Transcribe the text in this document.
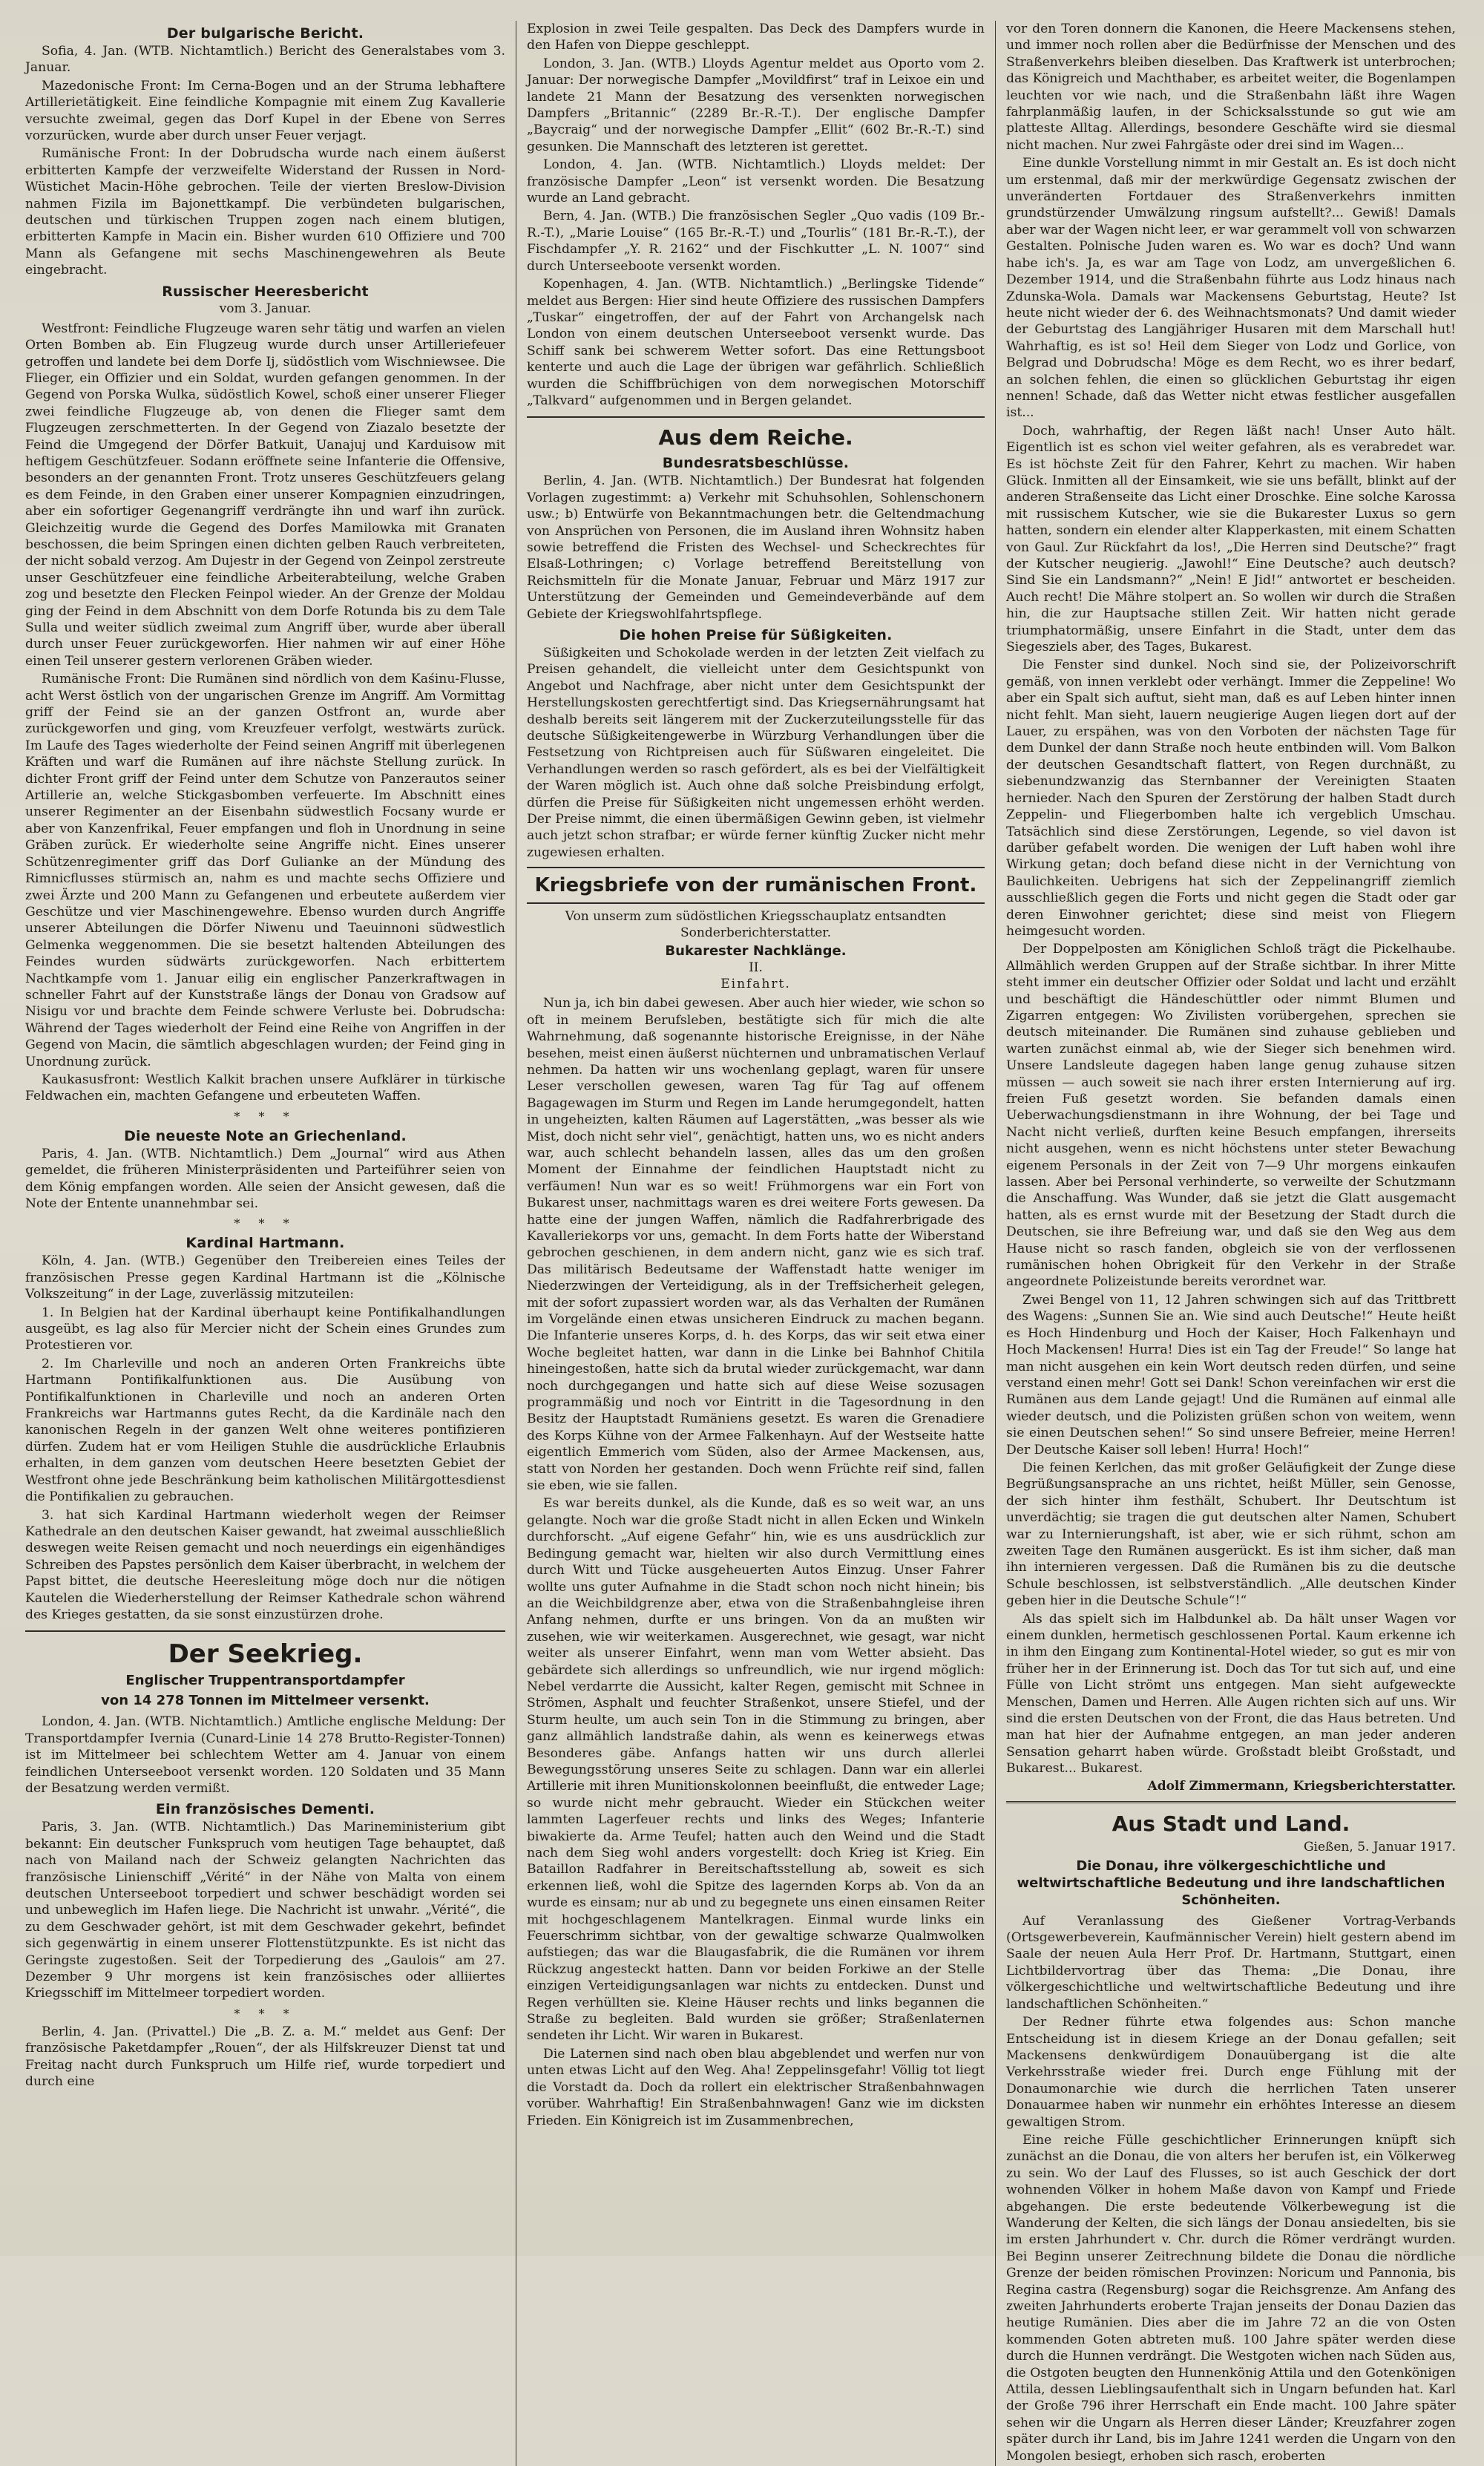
Der bulgarische Bericht.

Sofia, 4. Jan. (WTB. Nichtamtlich.) Bericht des Generalstabes vom 3. Januar.

Mazedonische Front: Im Cerna-Bogen und an der Struma lebhaftere Artillerietätigkeit. Eine feindliche Kompagnie mit einem Zug Kavallerie versuchte zweimal, gegen das Dorf Kupel in der Ebene von Serres vorzurücken, wurde aber durch unser Feuer verjagt.

Rumänische Front: In der Dobrudscha wurde nach einem äußerst erbitterten Kampfe der verzweifelte Widerstand der Russen in Nord-Wüstichet Macin-Höhe gebrochen. Teile der vierten Breslow-Division nahmen Fizila im Bajonettkampf. Die verbündeten bulgarischen, deutschen und türkischen Truppen zogen nach einem blutigen, erbitterten Kampfe in Macin ein. Bisher wurden 610 Offiziere und 700 Mann als Gefangene mit sechs Maschinengewehren als Beute eingebracht.

Russischer Heeresbericht
vom 3. Januar.

Westfront: Feindliche Flugzeuge waren sehr tätig und warfen an vielen Orten Bomben ab. Ein Flugzeug wurde durch unser Artilleriefeuer getroffen und landete bei dem Dorfe Ij, südöstlich vom Wischniewsee. Die Flieger, ein Offizier und ein Soldat, wurden gefangen genommen. In der Gegend von Porska Wulka, südöstlich Kowel, schoß einer unserer Flieger zwei feindliche Flugzeuge ab, von denen die Flieger samt dem Flugzeugen zerschmetterten. In der Gegend von Ziazalo besetzte der Feind die Umgegend der Dörfer Batkuit, Uanajuj und Karduisow mit heftigem Geschützfeuer. Sodann eröffnete seine Infanterie die Offensive, besonders an der genannten Front. Trotz unseres Geschützfeuers gelang es dem Feinde, in den Graben einer unserer Kompagnien einzudringen, aber ein sofortiger Gegenangriff verdrängte ihn und warf ihn zurück. Gleichzeitig wurde die Gegend des Dorfes Mamilowka mit Granaten beschossen, die beim Springen einen dichten gelben Rauch verbreiteten, der nicht sobald verzog. Am Dujestr in der Gegend von Zeinpol zerstreute unser Geschützfeuer eine feindliche Arbeiterabteilung, welche Graben zog und besetzte den Flecken Feinpol wieder. An der Grenze der Moldau ging der Feind in dem Abschnitt von dem Dorfe Rotunda bis zu dem Tale Sulla und weiter südlich zweimal zum Angriff über, wurde aber überall durch unser Feuer zurückgeworfen. Hier nahmen wir auf einer Höhe einen Teil unserer gestern verlorenen Gräben wieder.

Rumänische Front: Die Rumänen sind nördlich von dem Kaśinu-Flusse, acht Werst östlich von der ungarischen Grenze im Angriff. Am Vormittag griff der Feind sie an der ganzen Ostfront an, wurde aber zurückgeworfen und ging, vom Kreuzfeuer verfolgt, westwärts zurück. Im Laufe des Tages wiederholte der Feind seinen Angriff mit überlegenen Kräften und warf die Rumänen auf ihre nächste Stellung zurück. In dichter Front griff der Feind unter dem Schutze von Panzerautos seiner Artillerie an, welche Stickgasbomben verfeuerte. Im Abschnitt eines unserer Regimenter an der Eisenbahn südwestlich Focsany wurde er aber von Kanzenfrikal, Feuer empfangen und floh in Unordnung in seine Gräben zurück. Er wiederholte seine Angriffe nicht. Eines unserer Schützenregimenter griff das Dorf Gulianke an der Mündung des Rimnicflusses stürmisch an, nahm es und machte sechs Offiziere und zwei Ärzte und 200 Mann zu Gefangenen und erbeutete außerdem vier Geschütze und vier Maschinengewehre. Ebenso wurden durch Angriffe unserer Abteilungen die Dörfer Niwenu und Taeuinnoni südwestlich Gelmenka weggenommen. Die sie besetzt haltenden Abteilungen des Feindes wurden südwärts zurückgeworfen. Nach erbittertem Nachtkampfe vom 1. Januar eilig ein englischer Panzerkraftwagen in schneller Fahrt auf der Kunststraße längs der Donau von Gradsow auf Nisigu vor und brachte dem Feinde schwere Verluste bei. Dobrudscha: Während der Tages wiederholt der Feind eine Reihe von Angriffen in der Gegend von Macin, die sämtlich abgeschlagen wurden; der Feind ging in Unordnung zurück.

Kaukasusfront: Westlich Kalkit brachen unsere Aufklärer in türkische Feldwachen ein, machten Gefangene und erbeuteten Waffen.

* * *
Die neueste Note an Griechenland.

Paris, 4. Jan. (WTB. Nichtamtlich.) Dem „Journal“ wird aus Athen gemeldet, die früheren Ministerpräsidenten und Parteiführer seien von dem König empfangen worden. Alle seien der Ansicht gewesen, daß die Note der Entente unannehmbar sei.

* * *
Kardinal Hartmann.

Köln, 4. Jan. (WTB.) Gegenüber den Treibereien eines Teiles der französischen Presse gegen Kardinal Hartmann ist die „Kölnische Volkszeitung“ in der Lage, zuverlässig mitzuteilen:

1. In Belgien hat der Kardinal überhaupt keine Pontifikalhandlungen ausgeübt, es lag also für Mercier nicht der Schein eines Grundes zum Protestieren vor.

2. Im Charleville und noch an anderen Orten Frankreichs übte Hartmann Pontifikalfunktionen aus. Die Ausübung von Pontifikalfunktionen in Charleville und noch an anderen Orten Frankreichs war Hartmanns gutes Recht, da die Kardinäle nach den kanonischen Regeln in der ganzen Welt ohne weiteres pontifizieren dürfen. Zudem hat er vom Heiligen Stuhle die ausdrückliche Erlaubnis erhalten, in dem ganzen vom deutschen Heere besetzten Gebiet der Westfront ohne jede Beschränkung beim katholischen Militärgottesdienst die Pontifikalien zu gebrauchen.

3. hat sich Kardinal Hartmann wiederholt wegen der Reimser Kathedrale an den deutschen Kaiser gewandt, hat zweimal ausschließlich deswegen weite Reisen gemacht und noch neuerdings ein eigenhändiges Schreiben des Papstes persönlich dem Kaiser überbracht, in welchem der Papst bittet, die deutsche Heeresleitung möge doch nur die nötigen Kautelen die Wiederherstellung der Reimser Kathedrale schon während des Krieges gestatten, da sie sonst einzustürzen drohe.

Der Seekrieg.
Englischer Truppentransportdampfer
von 14 278 Tonnen im Mittelmeer versenkt.

London, 4. Jan. (WTB. Nichtamtlich.) Amtliche englische Meldung: Der Transportdampfer Ivernia (Cunard-Linie 14 278 Brutto-Register-Tonnen) ist im Mittelmeer bei schlechtem Wetter am 4. Januar von einem feindlichen Unterseeboot versenkt worden. 120 Soldaten und 35 Mann der Besatzung werden vermißt.

Ein französisches Dementi.

Paris, 3. Jan. (WTB. Nichtamtlich.) Das Marineministerium gibt bekannt: Ein deutscher Funkspruch vom heutigen Tage behauptet, daß nach von Mailand nach der Schweiz gelangten Nachrichten das französische Linienschiff „Vérité“ in der Nähe von Malta von einem deutschen Unterseeboot torpediert und schwer beschädigt worden sei und unbeweglich im Hafen liege. Die Nachricht ist unwahr. „Vérité“, die zu dem Geschwader gehört, ist mit dem Geschwader gekehrt, befindet sich gegenwärtig in einem unserer Flottenstützpunkte. Es ist nicht das Geringste zugestoßen. Seit der Torpedierung des „Gaulois“ am 27. Dezember 9 Uhr morgens ist kein französisches oder alliiertes Kriegsschiff im Mittelmeer torpediert worden.

* * *

Berlin, 4. Jan. (Privattel.) Die „B. Z. a. M.“ meldet aus Genf: Der französische Paketdampfer „Rouen“, der als Hilfskreuzer Dienst tat und Freitag nacht durch Funkspruch um Hilfe rief, wurde torpediert und durch eine

Explosion in zwei Teile gespalten. Das Deck des Dampfers wurde in den Hafen von Dieppe geschleppt.

London, 3. Jan. (WTB.) Lloyds Agentur meldet aus Oporto vom 2. Januar: Der norwegische Dampfer „Movildfirst“ traf in Leixoe ein und landete 21 Mann der Besatzung des versenkten norwegischen Dampfers „Britannic“ (2289 Br.-R.-T.). Der englische Dampfer „Baycraig“ und der norwegische Dampfer „Ellit“ (602 Br.-R.-T.) sind gesunken. Die Mannschaft des letzteren ist gerettet.

London, 4. Jan. (WTB. Nichtamtlich.) Lloyds meldet: Der französische Dampfer „Leon“ ist versenkt worden. Die Besatzung wurde an Land gebracht.

Bern, 4. Jan. (WTB.) Die französischen Segler „Quo vadis (109 Br.-R.-T.), „Marie Louise“ (165 Br.-R.-T.) und „Tourlis“ (181 Br.-R.-T.), der Fischdampfer „Y. R. 2162“ und der Fischkutter „L. N. 1007“ sind durch Unterseeboote versenkt worden.

Kopenhagen, 4. Jan. (WTB. Nichtamtlich.) „Berlingske Tidende“ meldet aus Bergen: Hier sind heute Offiziere des russischen Dampfers „Tuskar“ eingetroffen, der auf der Fahrt von Archangelsk nach London von einem deutschen Unterseeboot versenkt wurde. Das Schiff sank bei schwerem Wetter sofort. Das eine Rettungsboot kenterte und auch die Lage der übrigen war gefährlich. Schließlich wurden die Schiffbrüchigen von dem norwegischen Motorschiff „Talkvard“ aufgenommen und in Bergen gelandet.

Aus dem Reiche.
Bundesratsbeschlüsse.

Berlin, 4. Jan. (WTB. Nichtamtlich.) Der Bundesrat hat folgenden Vorlagen zugestimmt: a) Verkehr mit Schuhsohlen, Sohlenschonern usw.; b) Entwürfe von Bekanntmachungen betr. die Geltendmachung von Ansprüchen von Personen, die im Ausland ihren Wohnsitz haben sowie betreffend die Fristen des Wechsel- und Scheckrechtes für Elsaß-Lothringen; c) Vorlage betreffend Bereitstellung von Reichsmitteln für die Monate Januar, Februar und März 1917 zur Unterstützung der Gemeinden und Gemeindeverbände auf dem Gebiete der Kriegswohlfahrtspflege.

Die hohen Preise für Süßigkeiten.

Süßigkeiten und Schokolade werden in der letzten Zeit vielfach zu Preisen gehandelt, die vielleicht unter dem Gesichtspunkt von Angebot und Nachfrage, aber nicht unter dem Gesichtspunkt der Herstellungskosten gerechtfertigt sind. Das Kriegsernährungsamt hat deshalb bereits seit längerem mit der Zuckerzuteilungsstelle für das deutsche Süßigkeitengewerbe in Würzburg Verhandlungen über die Festsetzung von Richtpreisen auch für Süßwaren eingeleitet. Die Verhandlungen werden so rasch gefördert, als es bei der Vielfältigkeit der Waren möglich ist. Auch ohne daß solche Preisbindung erfolgt, dürfen die Preise für Süßigkeiten nicht ungemessen erhöht werden. Der Preise nimmt, die einen übermäßigen Gewinn geben, ist vielmehr auch jetzt schon strafbar; er würde ferner künftig Zucker nicht mehr zugewiesen erhalten.

Kriegsbriefe von der rumänischen Front.
Von unserm zum südöstlichen Kriegsschauplatz entsandten
Sonderberichterstatter.
Bukarester Nachklänge.
II.
Einfahrt.

Nun ja, ich bin dabei gewesen. Aber auch hier wieder, wie schon so oft in meinem Berufsleben, bestätigte sich für mich die alte Wahrnehmung, daß sogenannte historische Ereignisse, in der Nähe besehen, meist einen äußerst nüchternen und unbramatischen Verlauf nehmen. Da hatten wir uns wochenlang geplagt, waren für unsere Leser verschollen gewesen, waren Tag für Tag auf offenem Bagagewagen im Sturm und Regen im Lande herumgegondelt, hatten in ungeheizten, kalten Räumen auf Lagerstätten, „was besser als wie Mist, doch nicht sehr viel“, genächtigt, hatten uns, wo es nicht anders war, auch schlecht behandeln lassen, alles das um den großen Moment der Einnahme der feindlichen Hauptstadt nicht zu verfäumen! Nun war es so weit! Frühmorgens war ein Fort von Bukarest unser, nachmittags waren es drei weitere Forts gewesen. Da hatte eine der jungen Waffen, nämlich die Radfahrerbrigade des Kavalleriekorps vor uns, gemacht. In dem Forts hatte der Wiberstand gebrochen geschienen, in dem andern nicht, ganz wie es sich traf. Das militärisch Bedeutsame der Waffenstadt hatte weniger im Niederzwingen der Verteidigung, als in der Treffsicherheit gelegen, mit der sofort zupassiert worden war, als das Verhalten der Rumänen im Vorgelände einen etwas unsicheren Eindruck zu machen begann. Die Infanterie unseres Korps, d. h. des Korps, das wir seit etwa einer Woche begleitet hatten, war dann in die Linke bei Bahnhof Chitila hineingestoßen, hatte sich da brutal wieder zurückgemacht, war dann noch durchgegangen und hatte sich auf diese Weise sozusagen programmäßig und noch vor Eintritt in die Tagesordnung in den Besitz der Hauptstadt Rumäniens gesetzt. Es waren die Grenadiere des Korps Kühne von der Armee Falkenhayn. Auf der Westseite hatte eigentlich Emmerich vom Süden, also der Armee Mackensen, aus, statt von Norden her gestanden. Doch wenn Früchte reif sind, fallen sie eben, wie sie fallen.

Es war bereits dunkel, als die Kunde, daß es so weit war, an uns gelangte. Noch war die große Stadt nicht in allen Ecken und Winkeln durchforscht. „Auf eigene Gefahr“ hin, wie es uns ausdrücklich zur Bedingung gemacht war, hielten wir also durch Vermittlung eines durch Witt und Tücke ausgeheuerten Autos Einzug. Unser Fahrer wollte uns guter Aufnahme in die Stadt schon noch nicht hinein; bis an die Weichbildgrenze aber, etwa von die Straßenbahngleise ihren Anfang nehmen, durfte er uns bringen. Von da an mußten wir zusehen, wie wir weiterkamen. Ausgerechnet, wie gesagt, war nicht weiter als unserer Einfahrt, wenn man vom Wetter absieht. Das gebärdete sich allerdings so unfreundlich, wie nur irgend möglich: Nebel verdarrte die Aussicht, kalter Regen, gemischt mit Schnee in Strömen, Asphalt und feuchter Straßenkot, unsere Stiefel, und der Sturm heulte, um auch sein Ton in die Stimmung zu bringen, aber ganz allmählich landstraße dahin, als wenn es keinerwegs etwas Besonderes gäbe. Anfangs hatten wir uns durch allerlei Bewegungsstörung unseres Seite zu schlagen. Dann war ein allerlei Artillerie mit ihren Munitionskolonnen beeinflußt, die entweder Lage; so wurde nicht mehr gebraucht. Wieder ein Stückchen weiter lammten Lagerfeuer rechts und links des Weges; Infanterie biwakierte da. Arme Teufel; hatten auch den Weind und die Stadt nach dem Sieg wohl anders vorgestellt: doch Krieg ist Krieg. Ein Bataillon Radfahrer in Bereitschaftsstellung ab, soweit es sich erkennen ließ, wohl die Spitze des lagernden Korps ab. Von da an wurde es einsam; nur ab und zu begegnete uns einen einsamen Reiter mit hochgeschlagenem Mantelkragen. Einmal wurde links ein Feuerschrimm sichtbar, von der gewaltige schwarze Qualmwolken aufstiegen; das war die Blaugasfabrik, die die Rumänen vor ihrem Rückzug angesteckt hatten. Dann vor beiden Forkiwe an der Stelle einzigen Verteidigungsanlagen war nichts zu entdecken. Dunst und Regen verhüllten sie. Kleine Häuser rechts und links begannen die Straße zu begleiten. Bald wurden sie größer; Straßenlaternen sendeten ihr Licht. Wir waren in Bukarest.

Die Laternen sind nach oben blau abgeblendet und werfen nur von unten etwas Licht auf den Weg. Aha! Zeppelinsgefahr! Völlig tot liegt die Vorstadt da. Doch da rollert ein elektrischer Straßenbahnwagen vorüber. Wahrhaftig! Ein Straßenbahnwagen! Ganz wie im dicksten Frieden. Ein Königreich ist im Zusammenbrechen,

vor den Toren donnern die Kanonen, die Heere Mackensens stehen, und immer noch rollen aber die Bedürfnisse der Menschen und des Straßenverkehrs bleiben dieselben. Das Kraftwerk ist unterbrochen; das Königreich und Machthaber, es arbeitet weiter, die Bogenlampen leuchten vor wie nach, und die Straßenbahn läßt ihre Wagen fahrplanmäßig laufen, in der Schicksalsstunde so gut wie am platteste Alltag. Allerdings, besondere Geschäfte wird sie diesmal nicht machen. Nur zwei Fahrgäste oder drei sind im Wagen...

Eine dunkle Vorstellung nimmt in mir Gestalt an. Es ist doch nicht um erstenmal, daß mir der merkwürdige Gegensatz zwischen der unveränderten Fortdauer des Straßenverkehrs inmitten grundstürzender Umwälzung ringsum aufstellt?... Gewiß! Damals aber war der Wagen nicht leer, er war gerammelt voll von schwarzen Gestalten. Polnische Juden waren es. Wo war es doch? Und wann habe ich's. Ja, es war am Tage von Lodz, am unvergeßlichen 6. Dezember 1914, und die Straßenbahn führte aus Lodz hinaus nach Zdunska-Wola. Damals war Mackensens Geburtstag, Heute? Ist heute nicht wieder der 6. des Weihnachtsmonats? Und damit wieder der Geburtstag des Langjähriger Husaren mit dem Marschall hut! Wahrhaftig, es ist so! Heil dem Sieger von Lodz und Gorlice, von Belgrad und Dobrudscha! Möge es dem Recht, wo es ihrer bedarf, an solchen fehlen, die einen so glücklichen Geburtstag ihr eigen nennen! Schade, daß das Wetter nicht etwas festlicher ausgefallen ist...

Doch, wahrhaftig, der Regen läßt nach! Unser Auto hält. Eigentlich ist es schon viel weiter gefahren, als es verabredet war. Es ist höchste Zeit für den Fahrer, Kehrt zu machen. Wir haben Glück. Inmitten all der Einsamkeit, wie sie uns befällt, blinkt auf der anderen Straßenseite das Licht einer Droschke. Eine solche Karossa mit russischem Kutscher, wie sie die Bukarester Luxus so gern hatten, sondern ein elender alter Klapperkasten, mit einem Schatten von Gaul. Zur Rückfahrt da los!, „Die Herren sind Deutsche?“ fragt der Kutscher neugierig. „Jawohl!“ Eine Deutsche? auch deutsch? Sind Sie ein Landsmann?“ „Nein! E Jid!“ antwortet er bescheiden. Auch recht! Die Mähre stolpert an. So wollen wir durch die Straßen hin, die zur Hauptsache stillen Zeit. Wir hatten nicht gerade triumphatormäßig, unsere Einfahrt in die Stadt, unter dem das Siegesziels aber, des Tages, Bukarest.

Die Fenster sind dunkel. Noch sind sie, der Polizeivorschrift gemäß, von innen verklebt oder verhängt. Immer die Zeppeline! Wo aber ein Spalt sich auftut, sieht man, daß es auf Leben hinter innen nicht fehlt. Man sieht, lauern neugierige Augen liegen dort auf der Lauer, zu erspähen, was von den Vorboten der nächsten Tage für dem Dunkel der dann Straße noch heute entbinden will. Vom Balkon der deutschen Gesandtschaft flattert, von Regen durchnäßt, zu siebenundzwanzig das Sternbanner der Vereinigten Staaten hernieder. Nach den Spuren der Zerstörung der halben Stadt durch Zeppelin- und Fliegerbomben halte ich vergeblich Umschau. Tatsächlich sind diese Zerstörungen, Legende, so viel davon ist darüber gefabelt worden. Die wenigen der Luft haben wohl ihre Wirkung getan; doch befand diese nicht in der Vernichtung von Baulichkeiten. Uebrigens hat sich der Zeppelinangriff ziemlich ausschließlich gegen die Forts und nicht gegen die Stadt oder gar deren Einwohner gerichtet; diese sind meist von Fliegern heimgesucht worden.

Der Doppelposten am Königlichen Schloß trägt die Pickelhaube. Allmählich werden Gruppen auf der Straße sichtbar. In ihrer Mitte steht immer ein deutscher Offizier oder Soldat und lacht und erzählt und beschäftigt die Händeschüttler oder nimmt Blumen und Zigarren entgegen: Wo Zivilisten vorübergehen, sprechen sie deutsch miteinander. Die Rumänen sind zuhause geblieben und warten zunächst einmal ab, wie der Sieger sich benehmen wird. Unsere Landsleute dagegen haben lange genug zuhause sitzen müssen — auch soweit sie nach ihrer ersten Internierung auf irg. freien Fuß gesetzt worden. Sie befanden damals einen Ueberwachungsdienstmann in ihre Wohnung, der bei Tage und Nacht nicht verließ, durften keine Besuch empfangen, ihrerseits nicht ausgehen, wenn es nicht höchstens unter steter Bewachung eigenem Personals in der Zeit von 7—9 Uhr morgens einkaufen lassen. Aber bei Personal verhinderte, so verweilte der Schutzmann die Anschaffung. Was Wunder, daß sie jetzt die Glatt ausgemacht hatten, als es ernst wurde mit der Besetzung der Stadt durch die Deutschen, sie ihre Befreiung war, und daß sie den Weg aus dem Hause nicht so rasch fanden, obgleich sie von der verflossenen rumänischen hohen Obrigkeit für den Verkehr in der Straße angeordnete Polizeistunde bereits verordnet war.

Zwei Bengel von 11, 12 Jahren schwingen sich auf das Trittbrett des Wagens: „Sunnen Sie an. Wie sind auch Deutsche!“ Heute heißt es Hoch Hindenburg und Hoch der Kaiser, Hoch Falkenhayn und Hoch Mackensen! Hurra! Dies ist ein Tag der Freude!“ So lange hat man nicht ausgehen ein kein Wort deutsch reden dürfen, und seine verstand einen mehr! Gott sei Dank! Schon vereinfachen wir erst die Rumänen aus dem Lande gejagt! Und die Rumänen auf einmal alle wieder deutsch, und die Polizisten grüßen schon von weitem, wenn sie einen Deutschen sehen!“ So sind unsere Befreier, meine Herren! Der Deutsche Kaiser soll leben! Hurra! Hoch!“

Die feinen Kerlchen, das mit großer Geläufigkeit der Zunge diese Begrüßungsansprache an uns richtet, heißt Müller, sein Genosse, der sich hinter ihm festhält, Schubert. Ihr Deutschtum ist unverdächtig; sie tragen die gut deutschen alter Namen, Schubert war zu Internierungshaft, ist aber, wie er sich rühmt, schon am zweiten Tage den Rumänen ausgerückt. Es ist ihm sicher, daß man ihn internieren vergessen. Daß die Rumänen bis zu die deutsche Schule beschlossen, ist selbstverständlich. „Alle deutschen Kinder geben hier in die Deutsche Schule“!“

Als das spielt sich im Halbdunkel ab. Da hält unser Wagen vor einem dunklen, hermetisch geschlossenen Portal. Kaum erkenne ich in ihm den Eingang zum Kontinental-Hotel wieder, so gut es mir von früher her in der Erinnerung ist. Doch das Tor tut sich auf, und eine Fülle von Licht strömt uns entgegen. Man sieht aufgeweckte Menschen, Damen und Herren. Alle Augen richten sich auf uns. Wir sind die ersten Deutschen von der Front, die das Haus betreten. Und man hat hier der Aufnahme entgegen, an man jeder anderen Sensation geharrt haben würde. Großstadt bleibt Großstadt, und Bukarest... Bukarest.

Adolf Zimmermann, Kriegsberichterstatter.
Aus Stadt und Land.
Gießen, 5. Januar 1917.
Die Donau, ihre völkergeschichtliche und weltwirtschaftliche Bedeutung und ihre landschaftlichen Schönheiten.

Auf Veranlassung des Gießener Vortrag-Verbands (Ortsgewerbeverein, Kaufmännischer Verein) hielt gestern abend im Saale der neuen Aula Herr Prof. Dr. Hartmann, Stuttgart, einen Lichtbildervortrag über das Thema: „Die Donau, ihre völkergeschichtliche und weltwirtschaftliche Bedeutung und ihre landschaftlichen Schönheiten.“

Der Redner führte etwa folgendes aus: Schon manche Entscheidung ist in diesem Kriege an der Donau gefallen; seit Mackensens denkwürdigem Donauübergang ist die alte Verkehrsstraße wieder frei. Durch enge Fühlung mit der Donaumonarchie wie durch die herrlichen Taten unserer Donauarmee haben wir nunmehr ein erhöhtes Interesse an diesem gewaltigen Strom.

Eine reiche Fülle geschichtlicher Erinnerungen knüpft sich zunächst an die Donau, die von alters her berufen ist, ein Völkerweg zu sein. Wo der Lauf des Flusses, so ist auch Geschick der dort wohnenden Völker in hohem Maße davon von Kampf und Friede abgehangen. Die erste bedeutende Völkerbewegung ist die Wanderung der Kelten, die sich längs der Donau ansiedelten, bis sie im ersten Jahrhundert v. Chr. durch die Römer verdrängt wurden. Bei Beginn unserer Zeitrechnung bildete die Donau die nördliche Grenze der beiden römischen Provinzen: Noricum und Pannonia, bis Regina castra (Regensburg) sogar die Reichsgrenze. Am Anfang des zweiten Jahrhunderts eroberte Trajan jenseits der Donau Dazien das heutige Rumänien. Dies aber die im Jahre 72 an die von Osten kommenden Goten abtreten muß. 100 Jahre später werden diese durch die Hunnen verdrängt. Die Westgoten wichen nach Süden aus, die Ostgoten beugten den Hunnenkönig Attila und den Gotenkönigen Attila, dessen Lieblingsaufenthalt sich in Ungarn befunden hat. Karl der Große 796 ihrer Herrschaft ein Ende macht. 100 Jahre später sehen wir die Ungarn als Herren dieser Länder; Kreuzfahrer zogen später durch ihr Land, bis im Jahre 1241 werden die Ungarn von den Mongolen besiegt, erhoben sich rasch, eroberten
